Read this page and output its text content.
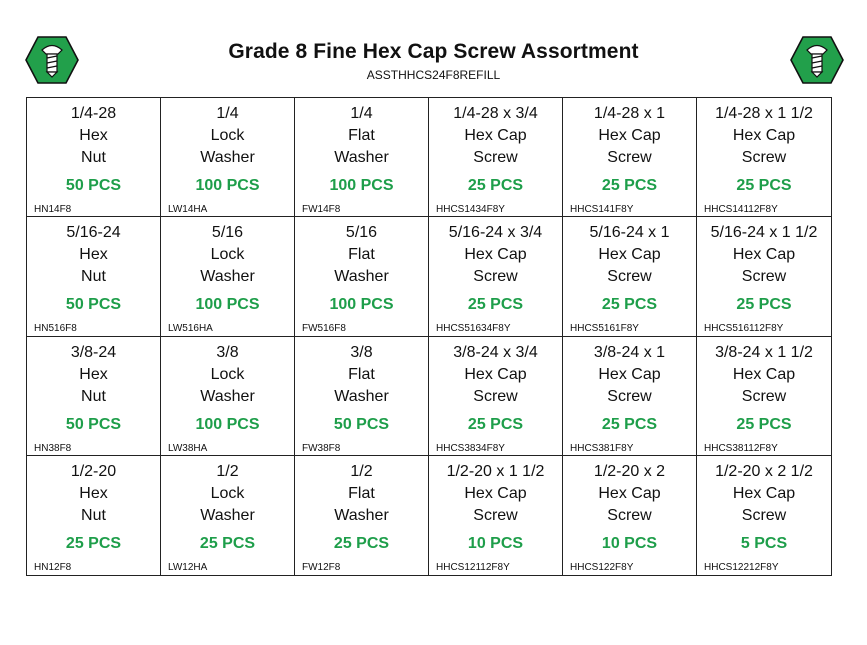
Grade 8 Fine Hex Cap Screw Assortment
ASSTHHCS24F8REFILL
1/4-28
Hex
Nut
50 PCS
HN14F8
1/4
Lock
Washer
100 PCS
LW14HA
1/4
Flat
Washer
100 PCS
FW14F8
1/4-28 x 3/4
Hex Cap
Screw
25 PCS
HHCS1434F8Y
1/4-28 x 1
Hex Cap
Screw
25 PCS
HHCS141F8Y
1/4-28 x 1 1/2
Hex Cap
Screw
25 PCS
HHCS14112F8Y
5/16-24
Hex
Nut
50 PCS
HN516F8
5/16
Lock
Washer
100 PCS
LW516HA
5/16
Flat
Washer
100 PCS
FW516F8
5/16-24 x 3/4
Hex Cap
Screw
25 PCS
HHCS51634F8Y
5/16-24 x 1
Hex Cap
Screw
25 PCS
HHCS5161F8Y
5/16-24 x 1 1/2
Hex Cap
Screw
25 PCS
HHCS516112F8Y
3/8-24
Hex
Nut
50 PCS
HN38F8
3/8
Lock
Washer
100 PCS
LW38HA
3/8
Flat
Washer
50 PCS
FW38F8
3/8-24 x 3/4
Hex Cap
Screw
25 PCS
HHCS3834F8Y
3/8-24 x 1
Hex Cap
Screw
25 PCS
HHCS381F8Y
3/8-24 x 1 1/2
Hex Cap
Screw
25 PCS
HHCS38112F8Y
1/2-20
Hex
Nut
25 PCS
HN12F8
1/2
Lock
Washer
25 PCS
LW12HA
1/2
Flat
Washer
25 PCS
FW12F8
1/2-20 x 1 1/2
Hex Cap
Screw
10 PCS
HHCS12112F8Y
1/2-20 x 2
Hex Cap
Screw
10 PCS
HHCS122F8Y
1/2-20 x 2 1/2
Hex Cap
Screw
5 PCS
HHCS12212F8Y
